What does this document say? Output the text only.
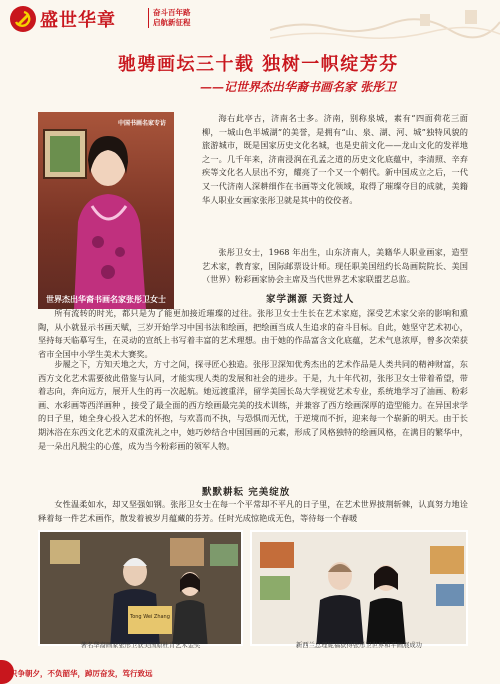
盛世华章	奋斗百年路
启航新征程
驰骋画坛三十载 独树一帜绽芳芬
——记世界杰出华裔书画名家 张彤卫
中国书画名家专访
世界杰出华裔书画名家张彤卫女士
海右此亭古，济南名士多。济南，别称泉城，素有“四面荷花三面柳，一城山色半城湖”的美誉，是拥有“山、泉、湖、河、城”独特风貌的旅游城市，既是国家历史文化名城，也是史前文化——龙山文化的发祥地之一。几千年来，济南浸润在孔孟之道的历史文化底蕴中，李清照、辛弃疾等文化名人层出不穷，耀亮了一个又一个朝代。新中国成立之后，一代又一代济南人深耕细作在书画等文化领域，取得了璀璨夺目的成就，美籍华人职业女画家张彤卫就是其中的佼佼者。
张彤卫女士，1968 年出生，山东济南人，美籍华人职业画家，造型艺术家，教育家，国际邮票设计师。现任职美国纽约长岛画院院长、美国（世界）粉彩画家协会主席及当代世界艺术家联盟艺总监。
家学渊源 天资过人
所有流转的时光，都只是为了能更加接近璀璨的过往。张彤卫女士生长在艺术家庭，深受艺术家父亲的影响和熏陶，从小就显示书画天赋，三岁开始学习中国书法和绘画，把绘画当成人生追求的奋斗目标。自此，她坚守艺术初心，坚持每天临摹写生，在灵动的宣纸上书写着丰富的艺术理想。由于她的作品富含文化底蕴，艺术气息浓厚，曾多次荣获省市全国中小学生美术大赛奖。
步履之下，方知天地之大，方寸之间，探寻匠心独造。张彤卫深知优秀杰出的艺术作品是人类共同的精神财富，东西方文化艺术需要彼此借鉴与认同，才能实现人类的发展和社会的进步。于是，九十年代初，张彤卫女士带着希望，带着志向，奔向远方，展开人生的再一次起航。她远渡重洋，留学美国长岛大学视觉艺术专业，系统地学习了油画、粉彩画、水彩画等西洋画种 ，接受了最全面的西方绘画最完美的技术训练，并兼容了西方绘画深厚的造型能力。在异国求学的日子里，她全身心投入艺术的怀抱，与欢喜而不执，与恐惧而无忧，于逆境而不折，迎来每一个崭新的明天。由于长期沐浴在东西文化艺术的双重洗礼之中，她巧妙结合中国国画的元素，形成了风格独特的绘画风格，在满目的繁华中，是一朵出凡脱尘的心莲，成为当今粉彩画的领军人物。
默默耕耘 完美绽放
女性温柔如水，却又坚强如钢。张彤卫女士在每一个平常却不平凡的日子里，在艺术世界披荆斩棘，认真努力地诠释着每一件艺术画作，散发着被岁月蕴藏的芬芳。任时光成惊艳成无色，等待每一个春暖
Tong Wei Zhang
著名华裔画家张彤卫获美国原杜肯艺术金奖	新西兰总理妮福获得张彤卫世界和平画展成功
只争朝夕，不负韶华，踔厉奋发，笃行致远
